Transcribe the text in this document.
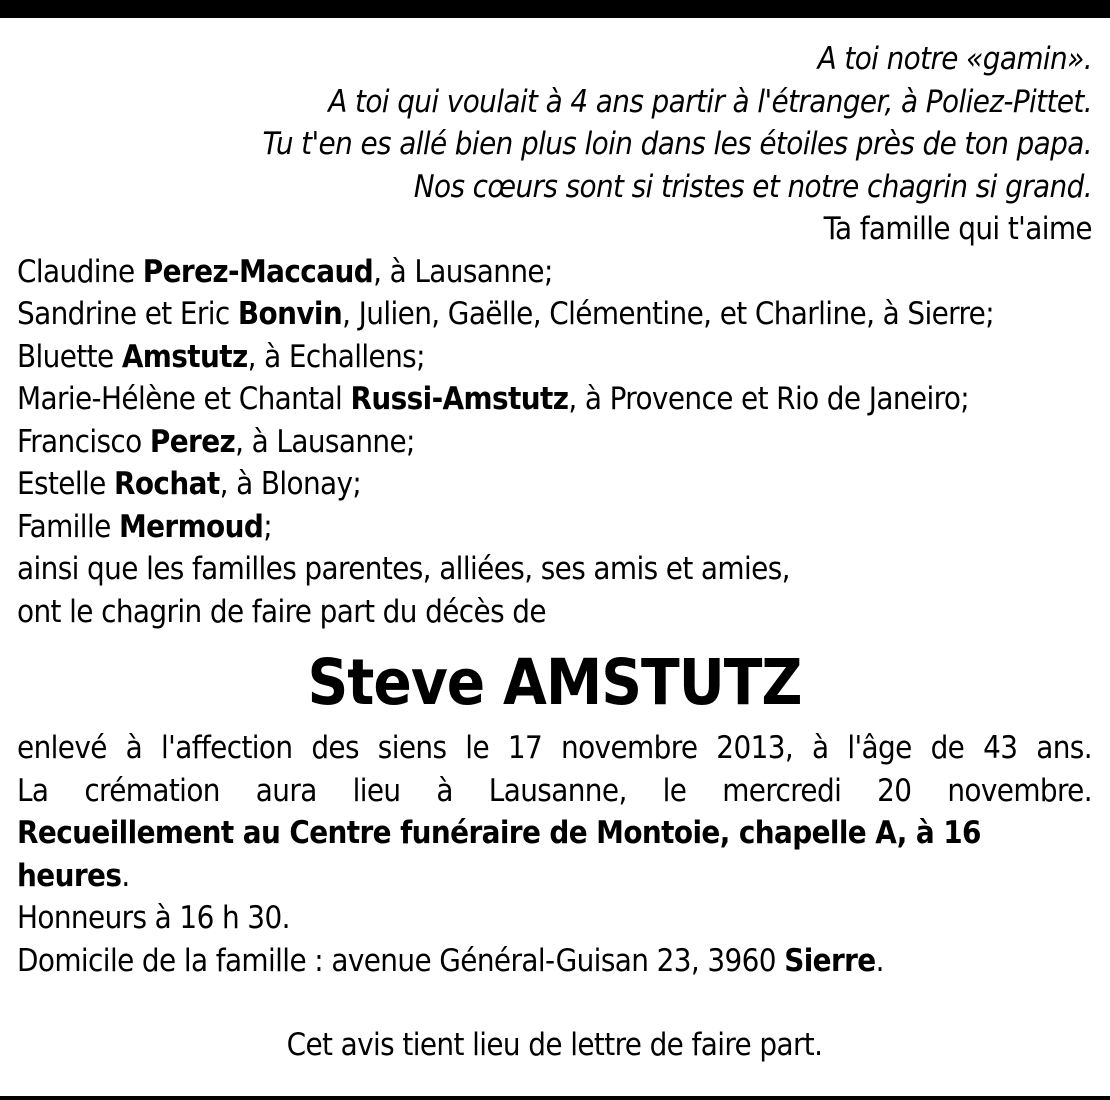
A toi notre «gamin».
A toi qui voulait à 4 ans partir à l'étranger, à Poliez-Pittet.
Tu t'en es allé bien plus loin dans les étoiles près de ton papa.
Nos cœurs sont si tristes et notre chagrin si grand.
Ta famille qui t'aime
Claudine Perez-Maccaud, à Lausanne;
Sandrine et Eric Bonvin, Julien, Gaëlle, Clémentine, et Charline, à Sierre;
Bluette Amstutz, à Echallens;
Marie-Hélène et Chantal Russi-Amstutz, à Provence et Rio de Janeiro;
Francisco Perez, à Lausanne;
Estelle Rochat, à Blonay;
Famille Mermoud;
ainsi que les familles parentes, alliées, ses amis et amies,
ont le chagrin de faire part du décès de
Steve AMSTUTZ
enlevé à l'affection des siens le 17 novembre 2013, à l'âge de 43 ans.
La crémation aura lieu à Lausanne, le mercredi 20 novembre.
Recueillement au Centre funéraire de Montoie, chapelle A, à 16 heures.
Honneurs à 16 h 30.
Domicile de la famille : avenue Général-Guisan 23, 3960 Sierre.
Cet avis tient lieu de lettre de faire part.
